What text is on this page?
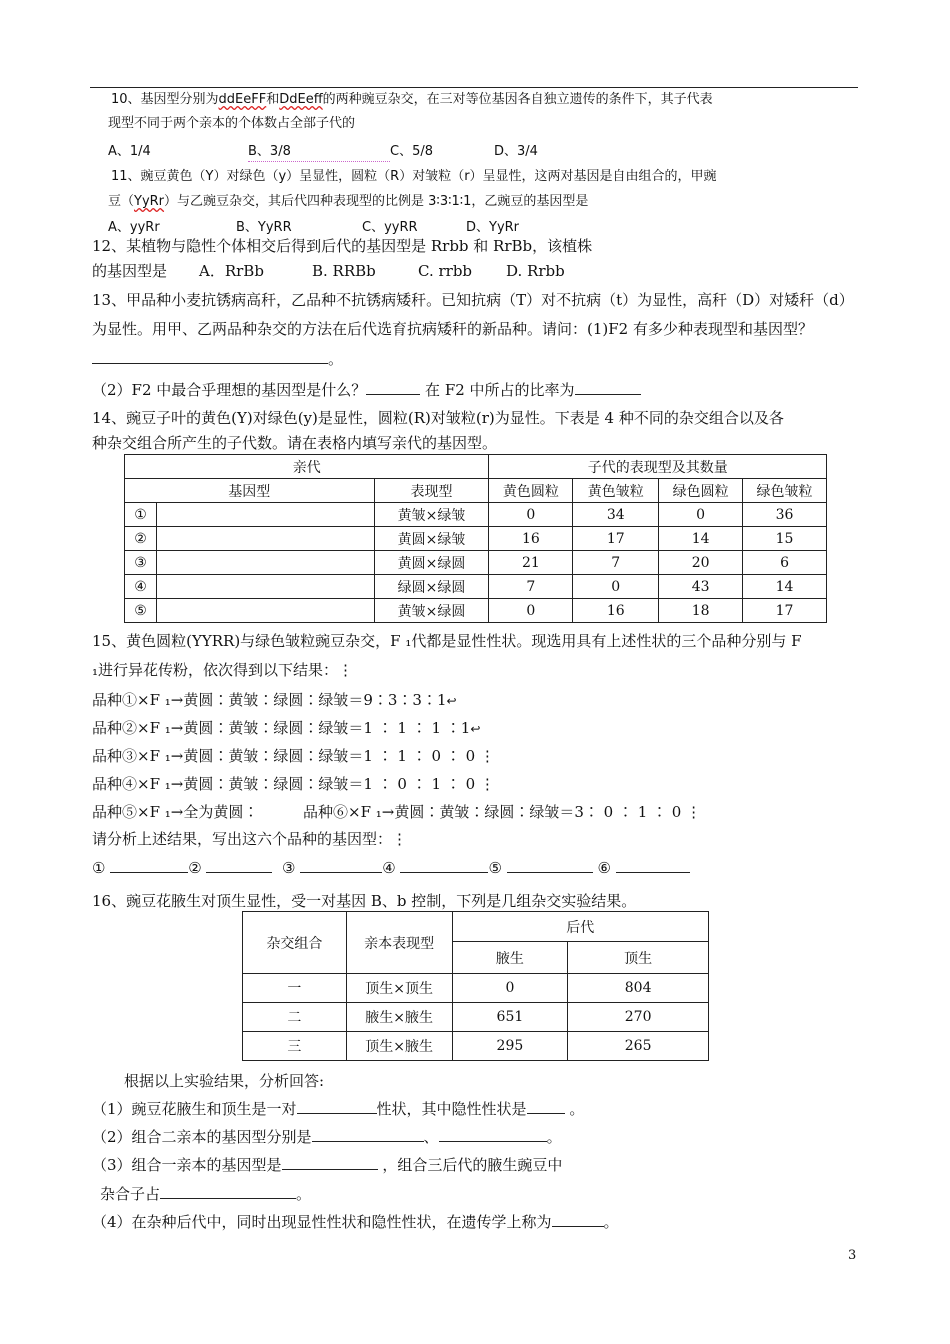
10、基因型分别为ddEeFF和DdEeff的两种豌豆杂交，在三对等位基因各自独立遗传的条件下，其子代表
现型不同于两个亲本的个体数占全部子代的
A、1/4	B、3/8	C、5/8	D、3/4
11、豌豆黄色（Y）对绿色（y）呈显性，圆粒（R）对皱粒（r）呈显性，这两对基因是自由组合的，甲豌
豆（YyRr）与乙豌豆杂交，其后代四种表现型的比例是 3∶3∶1∶1，乙豌豆的基因型是
A、yyRr	B、YyRR	C、yyRR	D、YyRr
12、某植物与隐性个体相交后得到后代的基因型是 Rrbb 和 RrBb，该植株
的基因型是 A．RrBb	B. RRBb	C. rrbb D. Rrbb
13、甲品种小麦抗锈病高秆，乙品种不抗锈病矮秆。已知抗病（T）对不抗病（t）为显性，高秆（D）对矮秆（d）
为显性。用甲、乙两品种杂交的方法在后代选育抗病矮秆的新品种。请问：(1)F2 有多少种表现型和基因型？
。
（2）F2 中最合乎理想的基因型是什么？	在 F2 中所占的比率为
14、豌豆子叶的黄色(Y)对绿色(y)是显性，圆粒(R)对皱粒(r)为显性。下表是 4 种不同的杂交组合以及各
种杂交组合所产生的子代数。请在表格内填写亲代的基因型。
亲代			子代的表现型及其数量			
基因型		表现型	黄色圆粒	黄色皱粒	绿色圆粒	绿色皱粒
①		黄皱×绿皱	0	34	0	36
②		黄圆×绿皱	16	17	14	15
③		黄圆×绿圆	21	7	20	6
④		绿圆×绿圆	7	0	43	14
⑤		黄皱×绿圆	0	16	18	17
15、黄色圆粒(YYRR)与绿色皱粒豌豆杂交，F ₁代都是显性性状。现选用具有上述性状的三个品种分别与 F
₁进行异花传粉，依次得到以下结果：⋮
品种①×F ₁→黄圆∶黄皱∶绿圆∶绿皱＝9∶3∶3∶1↩
品种②×F ₁→黄圆∶黄皱∶绿圆∶绿皱＝1 ∶ 1 ∶ 1 ∶1↩
品种③×F ₁→黄圆∶黄皱∶绿圆∶绿皱＝1 ∶ 1 ∶ 0 ∶ 0 ⋮
品种④×F ₁→黄圆∶黄皱∶绿圆∶绿皱＝1 ∶ 0 ∶ 1 ∶ 0 ⋮
品种⑤×F ₁→全为黄圆∶	品种⑥×F ₁→黄圆∶黄皱∶绿圆∶绿皱＝3∶ 0 ∶ 1 ∶ 0 ⋮
请分析上述结果，写出这六个品种的基因型：⋮
①	②	③	④	⑤	⑥
16、豌豆花腋生对顶生显性，受一对基因 B、b 控制，下列是几组杂交实验结果。
杂交组合	亲本表现型	后代	
		腋生	顶生
一	顶生×顶生	0	804
二	腋生×腋生	651	270
三	顶生×腋生	295	265
根据以上实验结果，分析回答:
（1）豌豆花腋生和顶生是一对	性状，其中隐性性状是	。
（2）组合二亲本的基因型分别是	、	。
（3）组合一亲本的基因型是	，组合三后代的腋生豌豆中
杂合子占	。
（4）在杂种后代中，同时出现显性性状和隐性性状，在遗传学上称为	。
3
